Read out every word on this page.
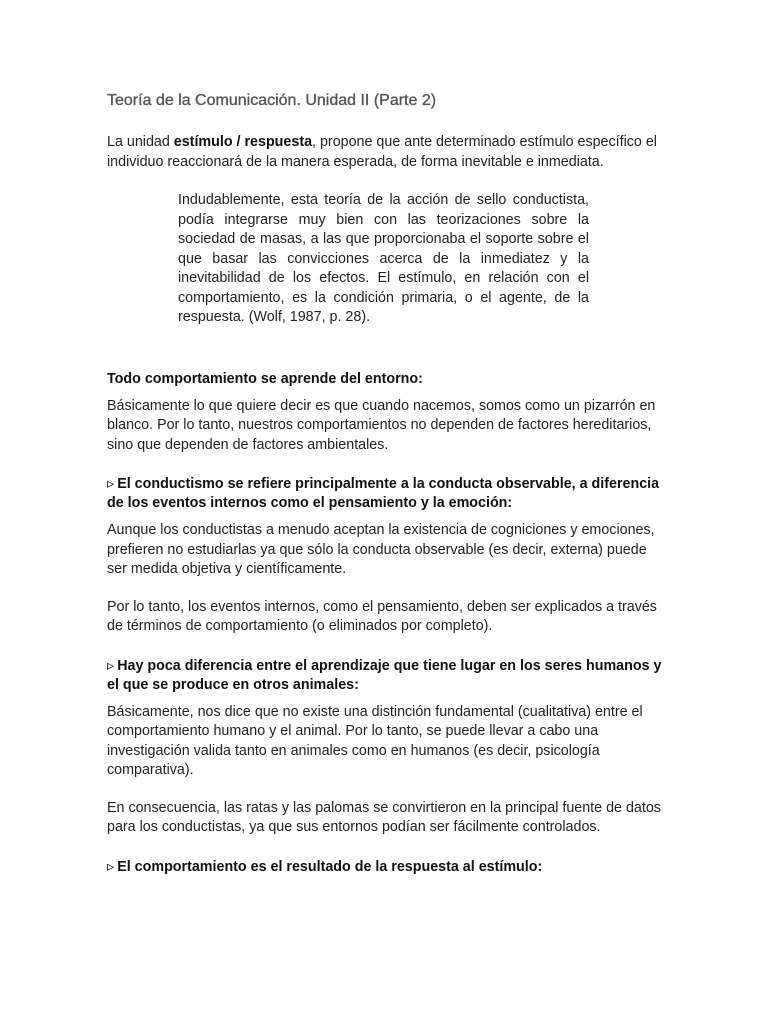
Teoría de la Comunicación. Unidad II (Parte 2)

La unidad estímulo / respuesta, propone que ante determinado estímulo específico el individuo reaccionará de la manera esperada, de forma inevitable e inmediata.

Indudablemente, esta teoría de la acción de sello conductista, podía integrarse muy bien con las teorizaciones sobre la sociedad de masas, a las que proporcionaba el soporte sobre el que basar las convicciones acerca de la inmediatez y la inevitabilidad de los efectos. El estímulo, en relación con el comportamiento, es la condición primaria, o el agente, de la respuesta. (Wolf, 1987, p. 28).

Todo comportamiento se aprende del entorno:

Básicamente lo que quiere decir es que cuando nacemos, somos como un pizarrón en blanco. Por lo tanto, nuestros comportamientos no dependen de factores hereditarios, sino que dependen de factores ambientales.

▹ El conductismo se refiere principalmente a la conducta observable, a diferencia de los eventos internos como el pensamiento y la emoción:

Aunque los conductistas a menudo aceptan la existencia de cogniciones y emociones, prefieren no estudiarlas ya que sólo la conducta observable (es decir, externa) puede ser medida objetiva y científicamente.

Por lo tanto, los eventos internos, como el pensamiento, deben ser explicados a través de términos de comportamiento (o eliminados por completo).

▹ Hay poca diferencia entre el aprendizaje que tiene lugar en los seres humanos y el que se produce en otros animales:

Básicamente, nos dice que no existe una distinción fundamental (cualitativa) entre el comportamiento humano y el animal. Por lo tanto, se puede llevar a cabo una investigación valida tanto en animales como en humanos (es decir, psicología comparativa).

En consecuencia, las ratas y las palomas se convirtieron en la principal fuente de datos para los conductistas, ya que sus entornos podían ser fácilmente controlados.

▹ El comportamiento es el resultado de la respuesta al estímulo:
